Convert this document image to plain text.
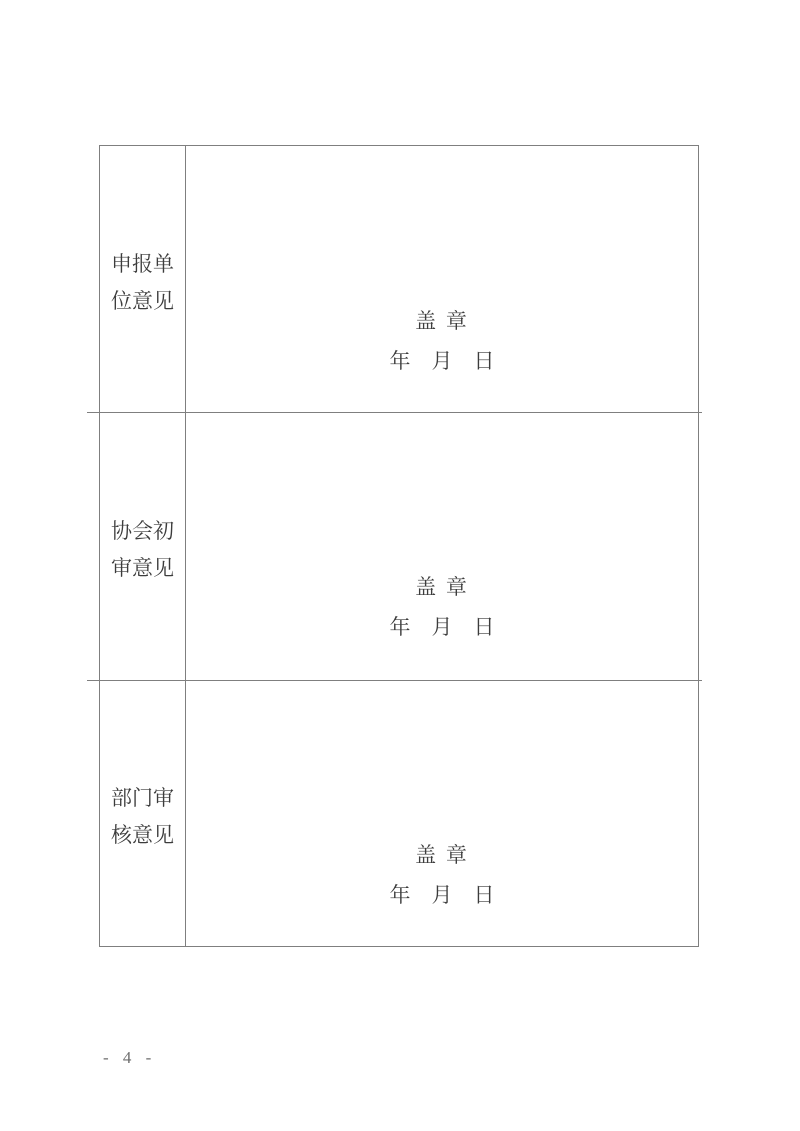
申报单
位意见
盖 章
年　月　日
协会初
审意见
盖 章
年　月　日
部门审
核意见
盖 章
年　月　日
- 4 -
